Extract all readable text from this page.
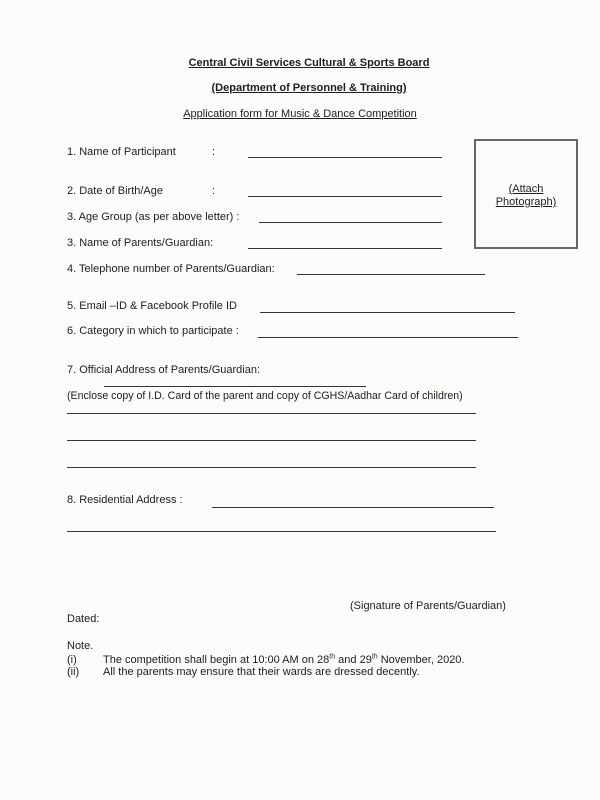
Central Civil Services Cultural & Sports Board
(Department of Personnel & Training)
Application form for Music & Dance Competition
1. Name of Participant	:
2. Date of Birth/Age	:
3. Age Group (as per above letter) :
3. Name of Parents/Guardian:
4. Telephone number of Parents/Guardian:
5. Email –ID & Facebook Profile ID
6. Category in which to participate :
7. Official Address of Parents/Guardian:
(Enclose copy of I.D. Card of the parent and copy of CGHS/Aadhar Card of children)
8. Residential Address :
(Attach
Photograph)
(Signature of Parents/Guardian)
Dated:
Note.
(i) The competition shall begin at 10:00 AM on 28th and 29th November, 2020.
(ii) All the parents may ensure that their wards are dressed decently.
